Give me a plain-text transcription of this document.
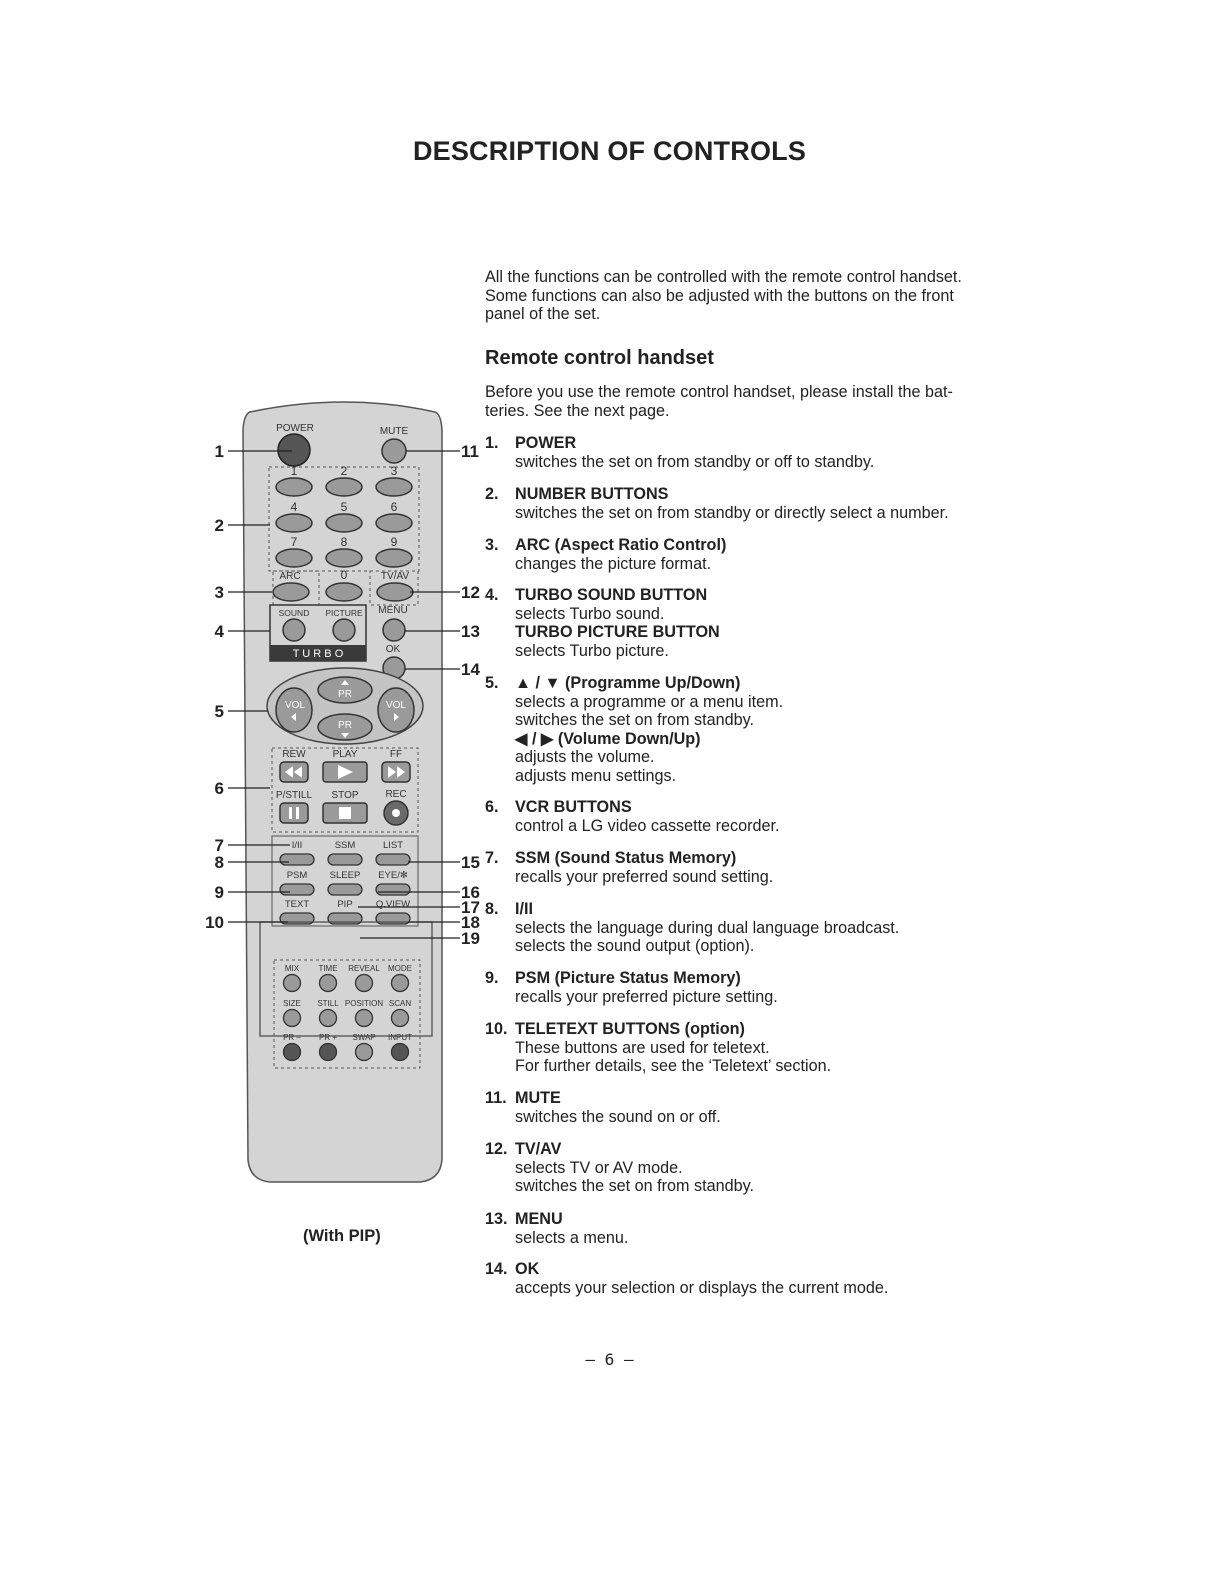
DESCRIPTION OF CONTROLS
All the functions can be controlled with the remote control handset.
Some functions can also be adjusted with the buttons on the front
panel of the set.
Remote control handset
Before you use the remote control handset, please install the bat-
teries. See the next page.
1. POWER
switches the set on from standby or off to standby.
2. NUMBER BUTTONS
switches the set on from standby or directly select a number.
3. ARC (Aspect Ratio Control)
changes the picture format.
4. TURBO SOUND BUTTON
selects Turbo sound.
TURBO PICTURE BUTTON
selects Turbo picture.
5. ▲ / ▼ (Programme Up/Down)
selects a programme or a menu item.
switches the set on from standby.
◀ / ▶ (Volume Down/Up)
adjusts the volume.
adjusts menu settings.
6. VCR BUTTONS
control a LG video cassette recorder.
7. SSM (Sound Status Memory)
recalls your preferred sound setting.
8. I/II
selects the language during dual language broadcast.
selects the sound output (option).
9. PSM (Picture Status Memory)
recalls your preferred picture setting.
10. TELETEXT BUTTONS (option)
These buttons are used for teletext.
For further details, see the ‘Teletext’ section.
11. MUTE
switches the sound on or off.
12. TV/AV
selects TV or AV mode.
switches the set on from standby.
13. MENU
selects a menu.
14. OK
accepts your selection or displays the current mode.
POWER	MUTE
1	2	3
4	5	6
7	8	9
ARC	0	TV/AV
T U R B O
SOUND PICTURE MENU
OK
PR
PR
VOL	VOL
REW	PLAY	FF
P/STILL STOP	REC
I/II	SSM	LIST
PSM SLEEP EYE/✻
TEXT	PIP Q.VIEW
MIX TIME REVEAL MODE
SIZE STILL POSITION SCAN
PR – PR + SWAP INPUT
1
2
3
4
5
6
7
8
9
10
11
12
13
14
15
16
17
18
19
(With PIP)
– 6 –
